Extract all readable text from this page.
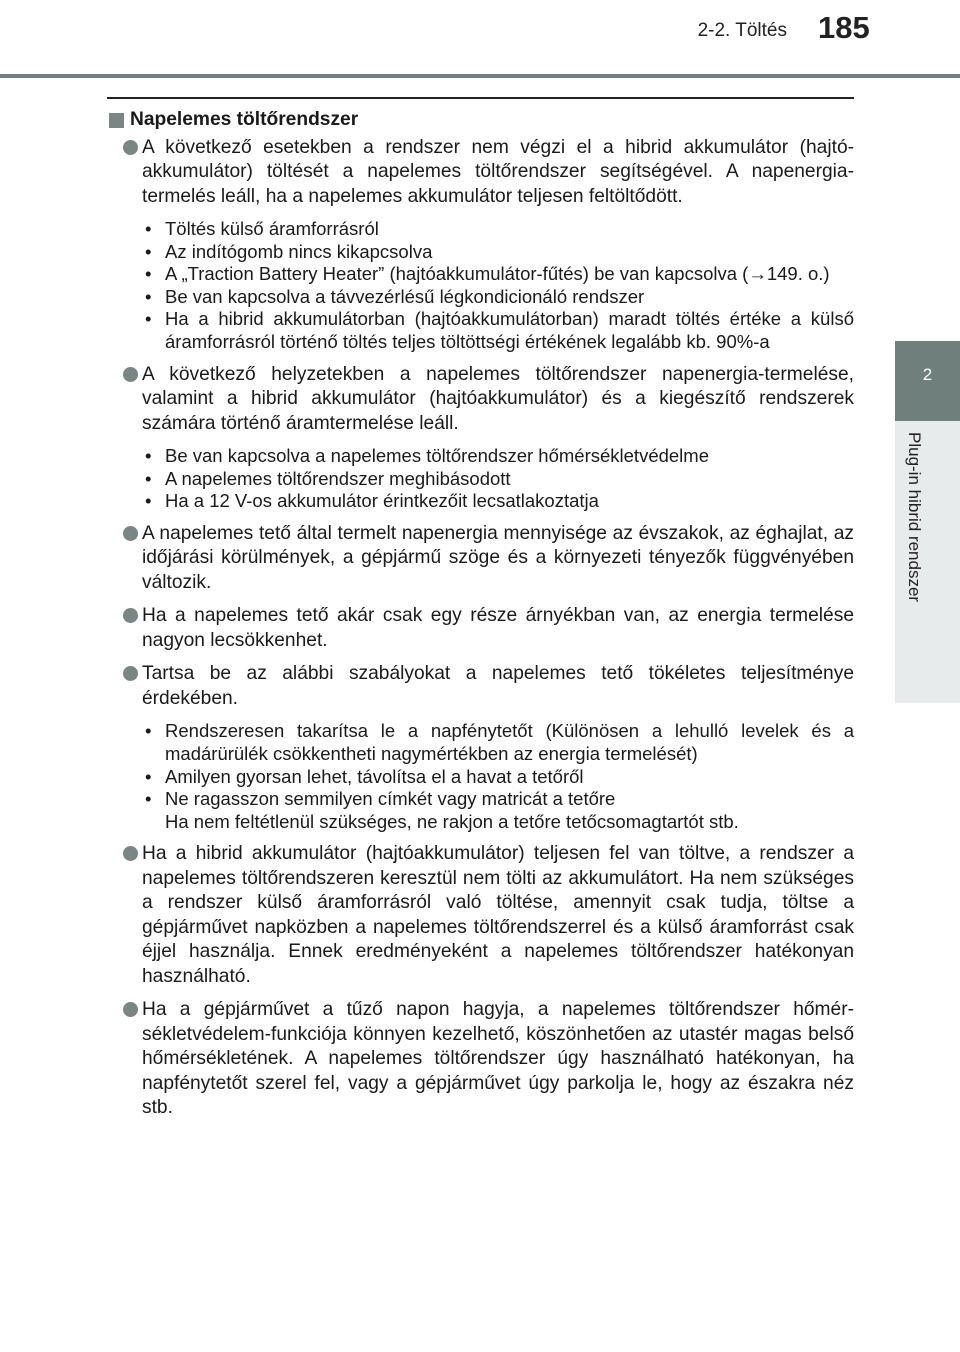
2-2. Töltés 185
2
Plug-in hibrid rendszer
Napelemes töltőrendszer
A következő esetekben a rendszer nem végzi el a hibrid akkumulátor (hajtóakkumulátor) töltését a napelemes töltőrendszer segítségével. A napenergia-termelés leáll, ha a napelemes akkumulátor teljesen feltöltődött.
• Töltés külső áramforrásról
• Az indítógomb nincs kikapcsolva
• A „Traction Battery Heater” (hajtóakkumulátor-fűtés) be van kapcsolva (→149. o.)
• Be van kapcsolva a távvezérlésű légkondicionáló rendszer
• Ha a hibrid akkumulátorban (hajtóakkumulátorban) maradt töltés értéke a külső áramforrásról történő töltés teljes töltöttségi értékének legalább kb. 90%-a
A következő helyzetekben a napelemes töltőrendszer napenergia-termelése, valamint a hibrid akkumulátor (hajtóakkumulátor) és a kiegészítő rendszerek számára történő áramtermelése leáll.
• Be van kapcsolva a napelemes töltőrendszer hőmérsékletvédelme
• A napelemes töltőrendszer meghibásodott
• Ha a 12 V-os akkumulátor érintkezőit lecsatlakoztatja
A napelemes tető által termelt napenergia mennyisége az évszakok, az éghajlat, az időjárási körülmények, a gépjármű szöge és a környezeti tényezők függvényében változik.
Ha a napelemes tető akár csak egy része árnyékban van, az energia termelése nagyon lecsökkenhet.
Tartsa be az alábbi szabályokat a napelemes tető tökéletes teljesítménye érdekében.
• Rendszeresen takarítsa le a napfénytetőt (Különösen a lehulló levelek és a madárürülék csökkentheti nagymértékben az energia termelését)
• Amilyen gyorsan lehet, távolítsa el a havat a tetőről
• Ne ragasszon semmilyen címkét vagy matricát a tetőre
Ha nem feltétlenül szükséges, ne rakjon a tetőre tetőcsomagtartót stb.
Ha a hibrid akkumulátor (hajtóakkumulátor) teljesen fel van töltve, a rendszer a napelemes töltőrendszeren keresztül nem tölti az akkumulátort. Ha nem szükséges a rendszer külső áramforrásról való töltése, amennyit csak tudja, töltse a gépjárművet napközben a napelemes töltőrendszerrel és a külső áramforrást csak éjjel használja. Ennek eredményeként a napelemes töltőrendszer hatékonyan használható.
Ha a gépjárművet a tűző napon hagyja, a napelemes töltőrendszer hőmérsékletvédelem-funkciója könnyen kezelhető, köszönhetően az utastér magas belső hőmérsékletének. A napelemes töltőrendszer úgy használható hatékonyan, ha napfénytetőt szerel fel, vagy a gépjárművet úgy parkolja le, hogy az északra néz stb.
